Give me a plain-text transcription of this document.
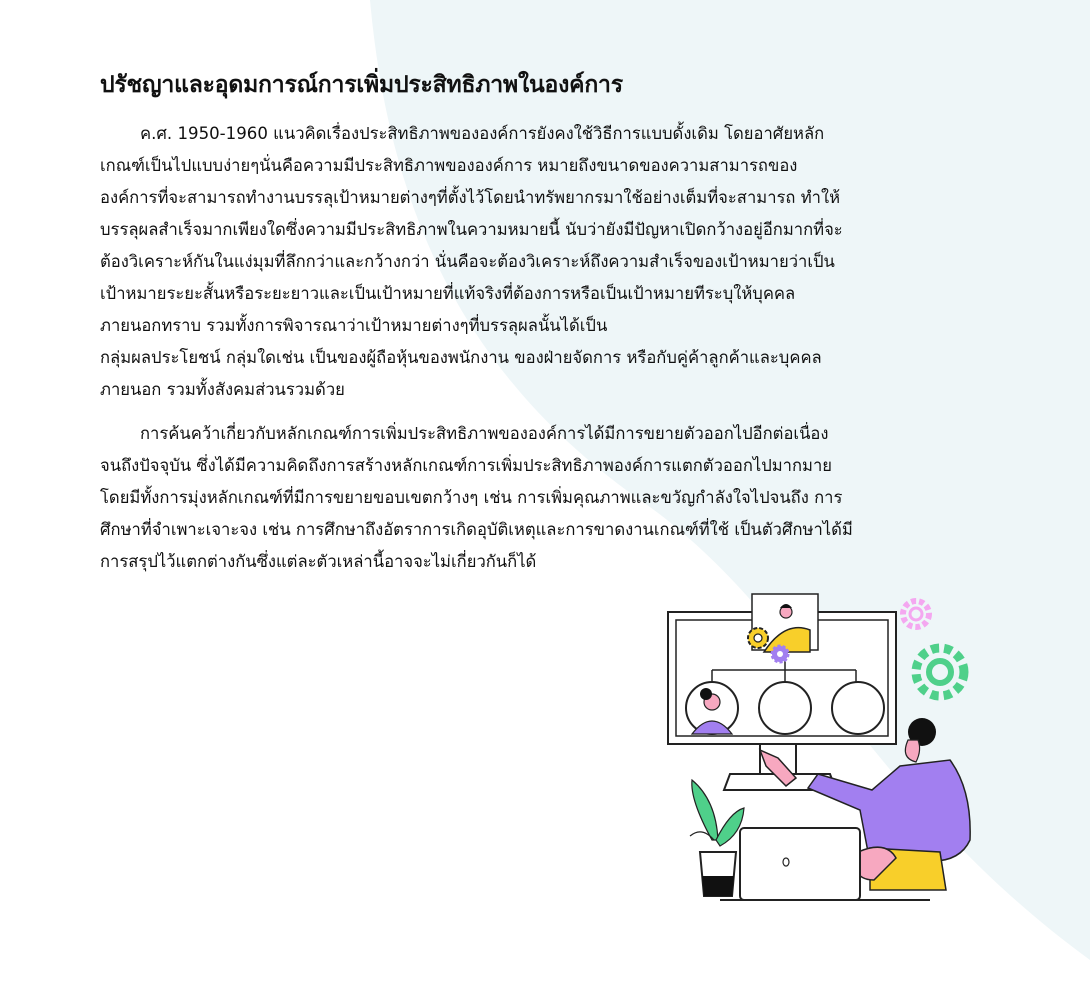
ปรัชญาและอุดมการณ์การเพิ่มประสิทธิภาพในองค์การ

ค.ศ. 1950-1960 แนวคิดเรื่องประสิทธิภาพขององค์การยังคงใช้วิธีการแบบดั้งเดิม โดยอาศัยหลัก
เกณฑ์เป็นไปแบบง่ายๆนั่นคือความมีประสิทธิภาพขององค์การ หมายถึงขนาดของความสามารถของ
องค์การที่จะสามารถทำงานบรรลุเป้าหมายต่างๆที่ตั้งไว้โดยนำทรัพยากรมาใช้อย่างเต็มที่จะสามารถ ทำให้
บรรลุผลสำเร็จมากเพียงใดซึ่งความมีประสิทธิภาพในความหมายนี้ นับว่ายังมีปัญหาเปิดกว้างอยู่อีกมากที่จะ
ต้องวิเคราะห์กันในแง่มุมที่ลึกกว่าและกว้างกว่า นั่นคือจะต้องวิเคราะห์ถึงความสำเร็จของเป้าหมายว่าเป็น
เป้าหมายระยะสั้นหรือระยะยาวและเป็นเป้าหมายที่แท้จริงที่ต้องการหรือเป็นเป้าหมายทีระบุให้บุคคล
ภายนอกทราบ รวมทั้งการพิจารณาว่าเป้าหมายต่างๆที่บรรลุผลนั้นได้เป็น
กลุ่มผลประโยชน์ กลุ่มใดเช่น เป็นของผู้ถือหุ้นของพนักงาน ของฝ่ายจัดการ หรือกับคู่ค้าลูกค้าและบุคคล
ภายนอก รวมทั้งสังคมส่วนรวมด้วย

การค้นคว้าเกี่ยวกับหลักเกณฑ์การเพิ่มประสิทธิภาพขององค์การได้มีการขยายตัวออกไปอีกต่อเนื่อง
จนถึงปัจจุบัน ซึ่งได้มีความคิดถึงการสร้างหลักเกณฑ์การเพิ่มประสิทธิภาพองค์การแตกตัวออกไปมากมาย
โดยมีทั้งการมุ่งหลักเกณฑ์ที่มีการขยายขอบเขตกว้างๆ เช่น การเพิ่มคุณภาพและขวัญกำลังใจไปจนถึง การ
ศึกษาที่จำเพาะเจาะจง เช่น การศึกษาถึงอัตราการเกิดอุบัติเหตุและการขาดงานเกณฑ์ที่ใช้ เป็นตัวศึกษาได้มี
การสรุปไว้แตกต่างกันซึ่งแต่ละตัวเหล่านี้อาจจะไม่เกี่ยวกันก็ได้
